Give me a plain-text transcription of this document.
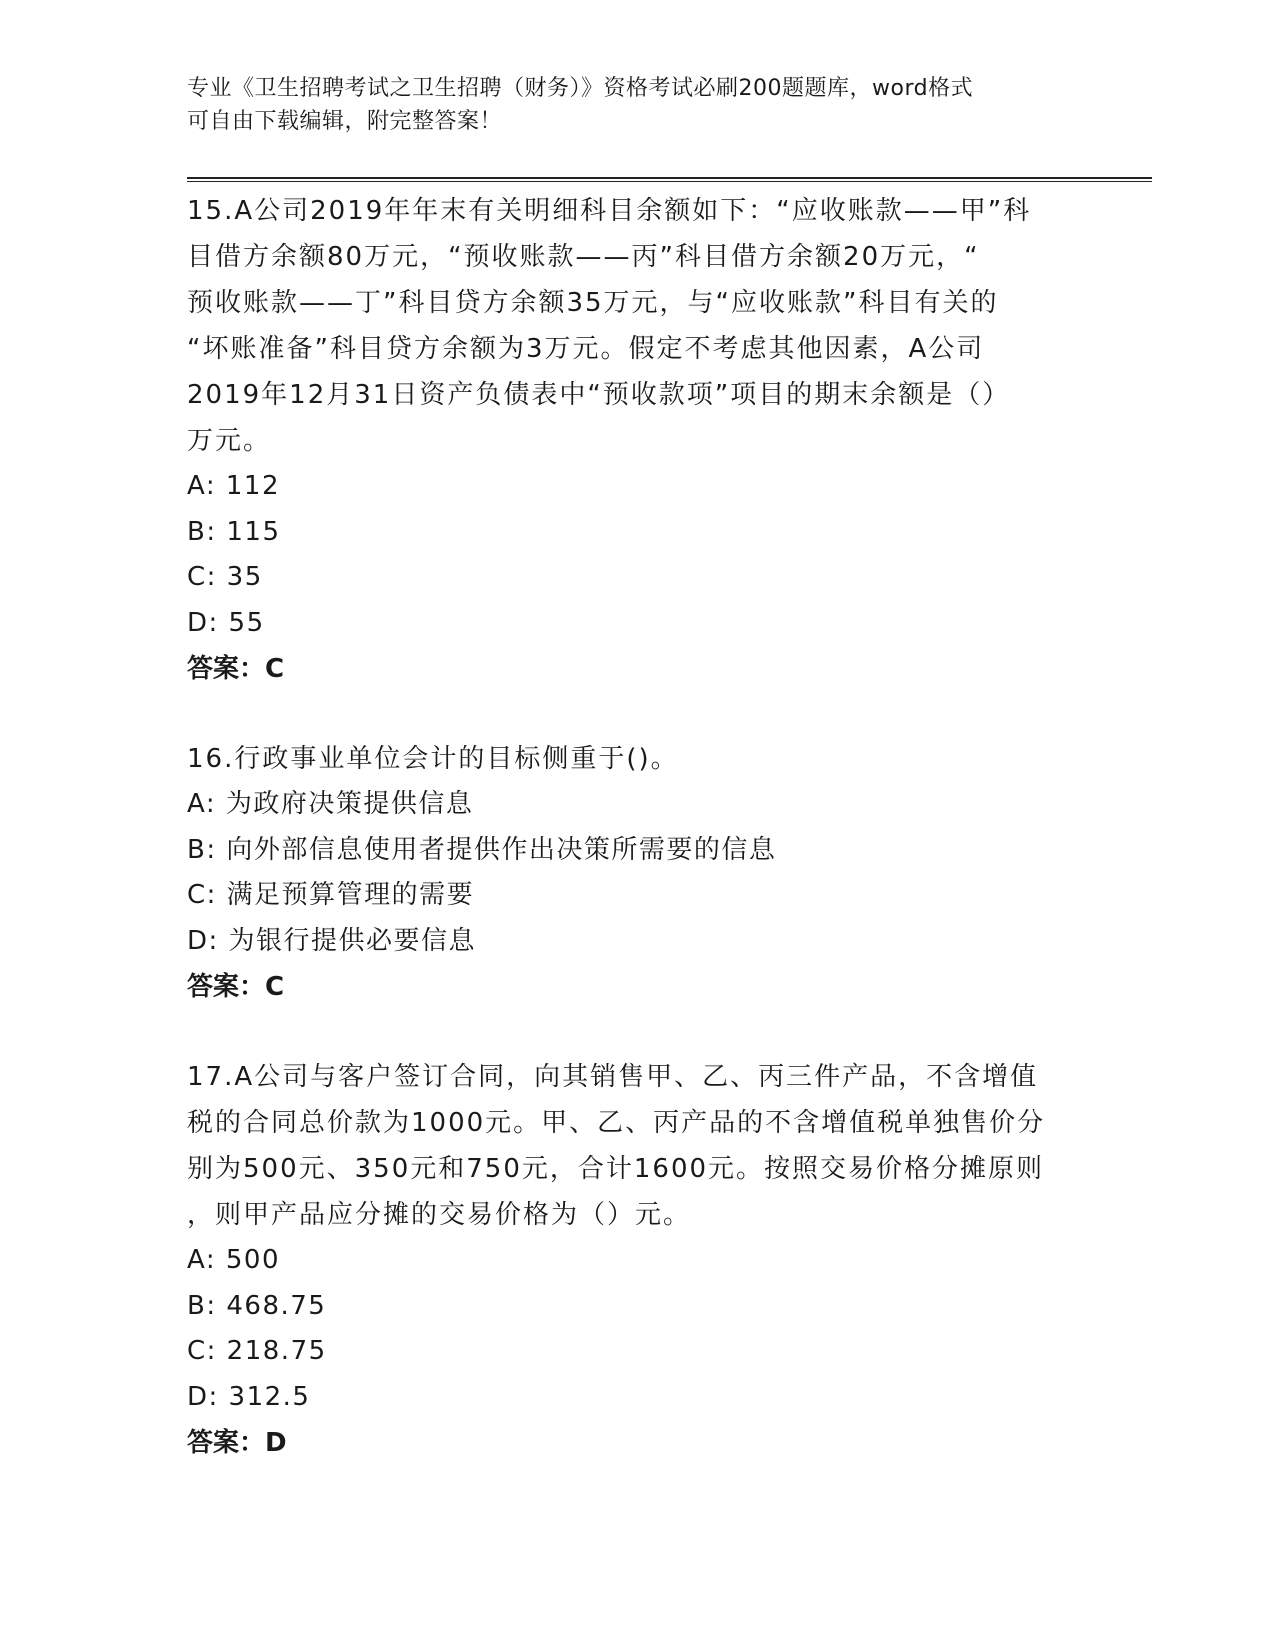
专业《卫生招聘考试之卫生招聘（财务）》资格考试必刷200题题库，word格式
可自由下载编辑，附完整答案！

15.A公司2019年年末有关明细科目余额如下：“应收账款——甲”科

目借方余额80万元，“预收账款——丙”科目借方余额20万元，“

预收账款——丁”科目贷方余额35万元，与“应收账款”科目有关的

“坏账准备”科目贷方余额为3万元。假定不考虑其他因素，A公司

2019年12月31日资产负债表中“预收款项”项目的期末余额是（）

万元。

A: 112

B: 115

C: 35

D: 55

答案：C

16.行政事业单位会计的目标侧重于()。

A: 为政府决策提供信息

B: 向外部信息使用者提供作出决策所需要的信息

C: 满足预算管理的需要

D: 为银行提供必要信息

答案：C

17.A公司与客户签订合同，向其销售甲、乙、丙三件产品，不含增值

税的合同总价款为1000元。甲、乙、丙产品的不含增值税单独售价分

别为500元、350元和750元，合计1600元。按照交易价格分摊原则

，则甲产品应分摊的交易价格为（）元。

A: 500

B: 468.75

C: 218.75

D: 312.5

答案：D
